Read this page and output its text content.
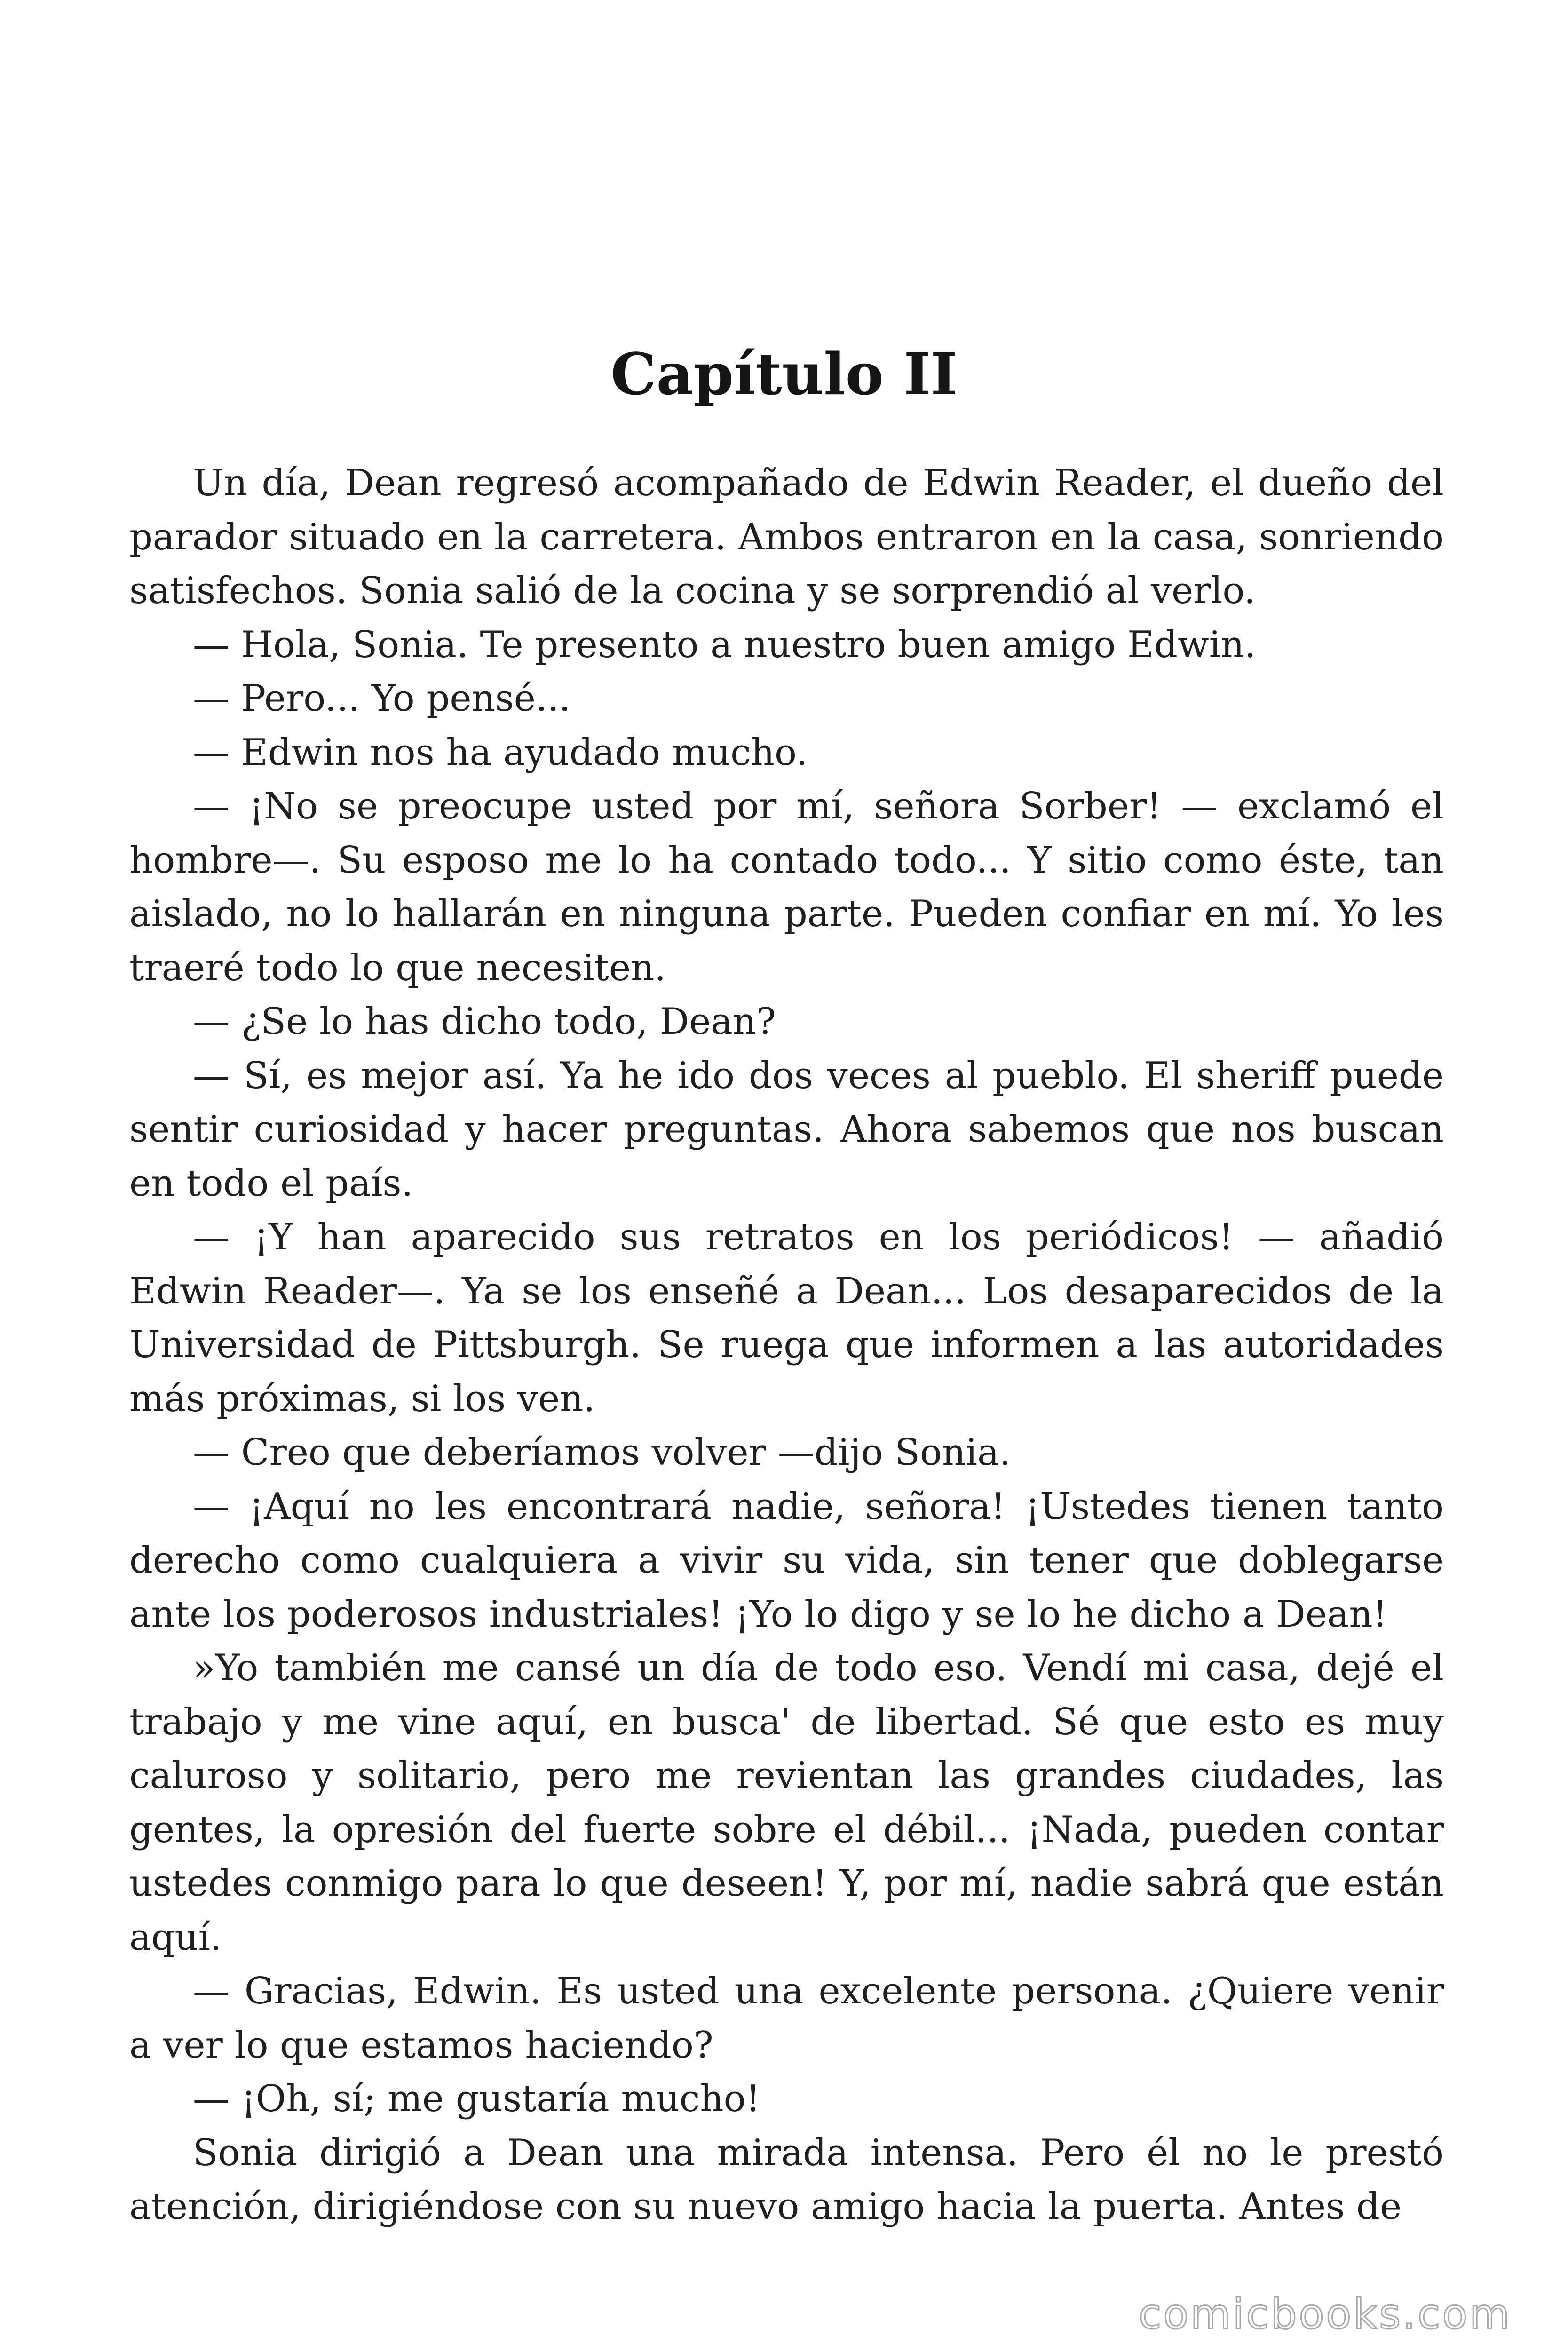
Capítulo II

Un día, Dean regresó acompañado de Edwin Reader, el dueño del parador situado en la carretera. Ambos entraron en la casa, sonriendo satisfechos. Sonia salió de la cocina y se sorprendió al verlo.

— Hola, Sonia. Te presento a nuestro buen amigo Edwin.

— Pero... Yo pensé...

— Edwin nos ha ayudado mucho.

— ¡No se preocupe usted por mí, señora Sorber! — exclamó el hombre—. Su esposo me lo ha contado todo... Y sitio como éste, tan aislado, no lo hallarán en ninguna parte. Pueden confiar en mí. Yo les traeré todo lo que necesiten.

— ¿Se lo has dicho todo, Dean?

— Sí, es mejor así. Ya he ido dos veces al pueblo. El sheriff puede sentir curiosidad y hacer preguntas. Ahora sabemos que nos buscan en todo el país.

— ¡Y han aparecido sus retratos en los periódicos! — añadió Edwin Reader—. Ya se los enseñé a Dean... Los desaparecidos de la Universidad de Pittsburgh. Se ruega que informen a las autoridades más próximas, si los ven.

— Creo que deberíamos volver —dijo Sonia.

— ¡Aquí no les encontrará nadie, señora! ¡Ustedes tienen tanto derecho como cualquiera a vivir su vida, sin tener que doblegarse ante los poderosos industriales! ¡Yo lo digo y se lo he dicho a Dean!

»Yo también me cansé un día de todo eso. Vendí mi casa, dejé el trabajo y me vine aquí, en busca' de libertad. Sé que esto es muy caluroso y solitario, pero me revientan las grandes ciudades, las gentes, la opresión del fuerte sobre el débil... ¡Nada, pueden contar ustedes conmigo para lo que deseen! Y, por mí, nadie sabrá que están aquí.

— Gracias, Edwin. Es usted una excelente persona. ¿Quiere venir a ver lo que estamos haciendo?

— ¡Oh, sí; me gustaría mucho!

Sonia dirigió a Dean una mirada intensa. Pero él no le prestó atención, dirigiéndose con su nuevo amigo hacia la puerta. Antes de

comicbooks.com
